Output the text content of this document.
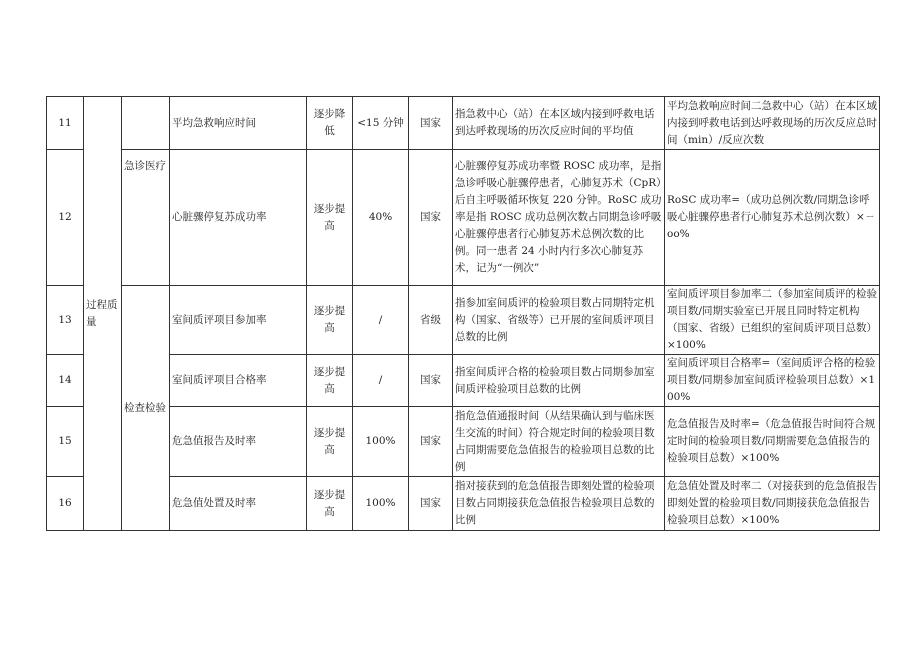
11	过程质量		平均急救响应时间	逐步降低	<15 分钟	国家	指急救中心（站）在本区域内接到呼救电话到达呼救现场的历次反应时间的平均值	平均急救响应时间二急救中心（站）在本区域内接到呼救电话到达呼救现场的历次反应总时间（min）/反应次数
12		急诊医疗	心脏骤停复苏成功率	逐步提高	40%	国家	心脏骤停复苏成功率暨 ROSC 成功率，是指急诊呼吸心脏骤停患者，心肺复苏术（CpR）后自主呼吸循环恢复 220 分钟。RoSC 成功率是指 ROSC 成功总例次数占同期急诊呼吸心脏骤停患者行心肺复苏术总例次数的比例。同一患者 24 小时内行多次心肺复苏术，记为“一例次”	RoSC 成功率=（成功总例次数/同期急诊呼吸心脏骤停患者行心肺复苏术总例次数）×ㄧoo%
13		检查检验	室间质评项目参加率	逐步提高	/	省级	指参加室间质评的检验项目数占同期特定机构（国家、省级等）已开展的室间质评项目总数的比例	室间质评项目参加率二（参加室间质评的检验项目数/同期实验室已开展且同时特定机构（国家、省级）已组织的室间质评项目总数）×100%
14			室间质评项目合格率	逐步提高	/	国家	指室间质评合格的检验项目数占同期参加室间质评检验项目总数的比例	室间质评项目合格率=（室间质评合格的检验项目数/同期参加室间质评检验项目总数）×100%
15			危急值报告及时率	逐步提高	100%	国家	指危急值通报时间（从结果确认到与临床医生交流的时间）符合规定时间的检验项目数占同期需要危急值报告的检验项目总数的比例	危急值报告及时率=（危急值报告时间符合规定时间的检验项目数/同期需要危急值报告的检验项目总数）×100%
16			危急值处置及时率	逐步提高	100%	国家	指对接获到的危急值报告即刻处置的检验项目数占同期接获危急值报告检验项目总数的比例	危急值处置及时率二（对接获到的危急值报告即刻处置的检验项目数/同期接获危急值报告检验项目总数）×100%
